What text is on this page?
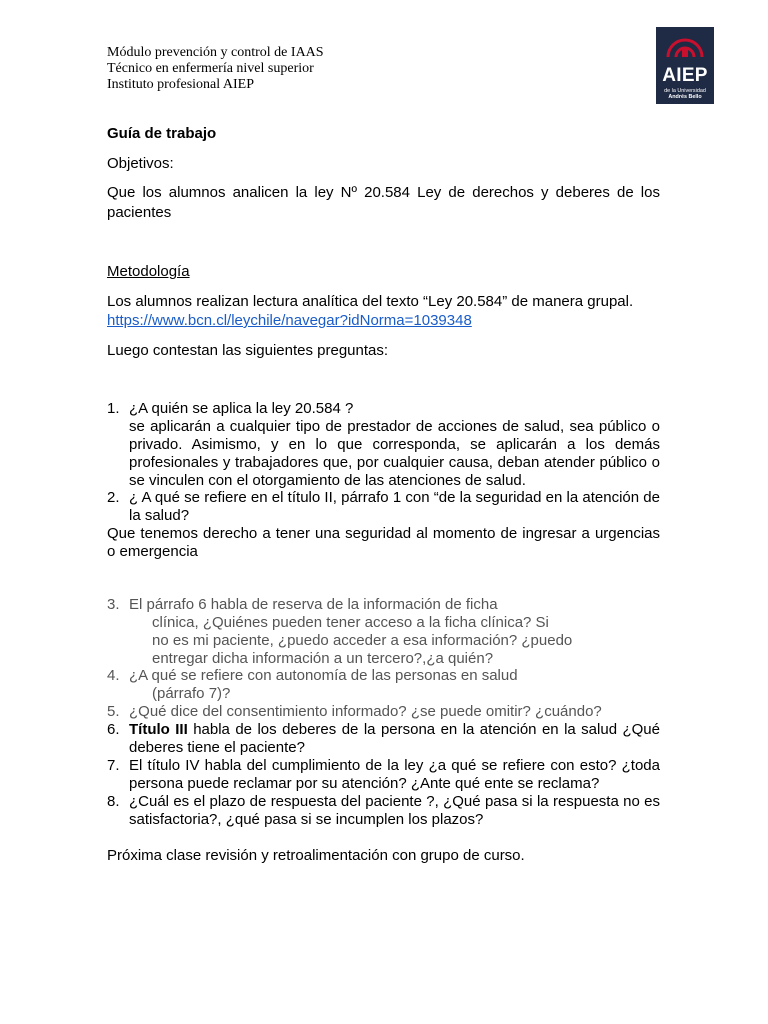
Módulo prevención y control de IAAS
Técnico en enfermería nivel superior
Instituto profesional AIEP	AIEP
de la Universidad
Andrés Bello
Guía de trabajo
Objetivos:
Que los alumnos analicen la ley Nº 20.584 Ley de derechos y deberes de los pacientes
Metodología
Los alumnos realizan lectura analítica del texto “Ley 20.584” de manera grupal.
https://www.bcn.cl/leychile/navegar?idNorma=1039348
Luego contestan las siguientes preguntas:
1. ¿A quién se aplica la ley 20.584 ?
se aplicarán a cualquier tipo de prestador de acciones de salud, sea público o privado. Asimismo, y en lo que corresponda, se aplicarán a los demás profesionales y trabajadores que, por cualquier causa, deban atender público o se vinculen con el otorgamiento de las atenciones de salud.
2. ¿ A qué se refiere en el título II, párrafo 1 con “de la seguridad en la atención de la salud?
Que tenemos derecho a tener una seguridad al momento de ingresar a urgencias o emergencia
3. El párrafo 6 habla de reserva de la información de ficha
clínica, ¿Quiénes pueden tener acceso a la ficha clínica? Si
no es mi paciente, ¿puedo acceder a esa información? ¿puedo
entregar dicha información a un tercero?,¿a quién?
4. ¿A qué se refiere con autonomía de las personas en salud
(párrafo 7)?
5. ¿Qué dice del consentimiento informado? ¿se puede omitir? ¿cuándo?
6. Título III habla de los deberes de la persona en la atención en la salud ¿Qué deberes tiene el paciente?
7. El título IV habla del cumplimiento de la ley ¿a qué se refiere con esto? ¿toda persona puede reclamar por su atención? ¿Ante qué ente se reclama?
8. ¿Cuál es el plazo de respuesta del paciente ?, ¿Qué pasa si la respuesta no es satisfactoria?, ¿qué pasa si se incumplen los plazos?
Próxima clase revisión y retroalimentación con grupo de curso.
